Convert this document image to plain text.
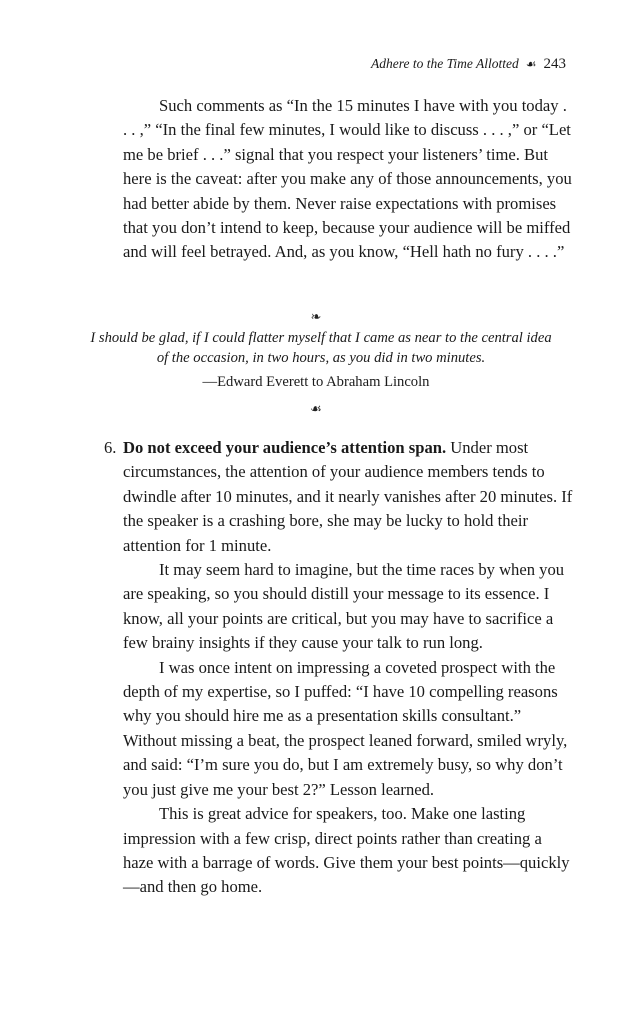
Adhere to the Time Allotted ☙ 243

Such comments as “In the 15 minutes I have with you today . . . ,” “In the final few minutes, I would like to discuss . . . ,” or “Let me be brief . . .” signal that you respect your listeners’ time. But here is the caveat: after you make any of those announcements, you had better abide by them. Never raise expectations with promises that you don’t intend to keep, because your audience will be miffed and will feel betrayed. And, as you know, “Hell hath no fury . . . .”

❧
I should be glad, if I could flatter myself that I came as near to the central idea of the occasion, in two hours, as you did in two minutes.
—Edward Everett to Abraham Lincoln
☙
6. Do not exceed your audience’s attention span. Under most circumstances, the attention of your audience members tends to dwindle after 10 minutes, and it nearly vanishes after 20 minutes. If the speaker is a crashing bore, she may be lucky to hold their attention for 1 minute.

It may seem hard to imagine, but the time races by when you are speaking, so you should distill your message to its essence. I know, all your points are critical, but you may have to sacrifice a few brainy insights if they cause your talk to run long.

I was once intent on impressing a coveted prospect with the depth of my expertise, so I puffed: “I have 10 compelling reasons why you should hire me as a presentation skills consultant.” Without missing a beat, the prospect leaned forward, smiled wryly, and said: “I’m sure you do, but I am extremely busy, so why don’t you just give me your best 2?” Lesson learned.

This is great advice for speakers, too. Make one lasting impression with a few crisp, direct points rather than creating a haze with a barrage of words. Give them your best points—quickly—and then go home.
